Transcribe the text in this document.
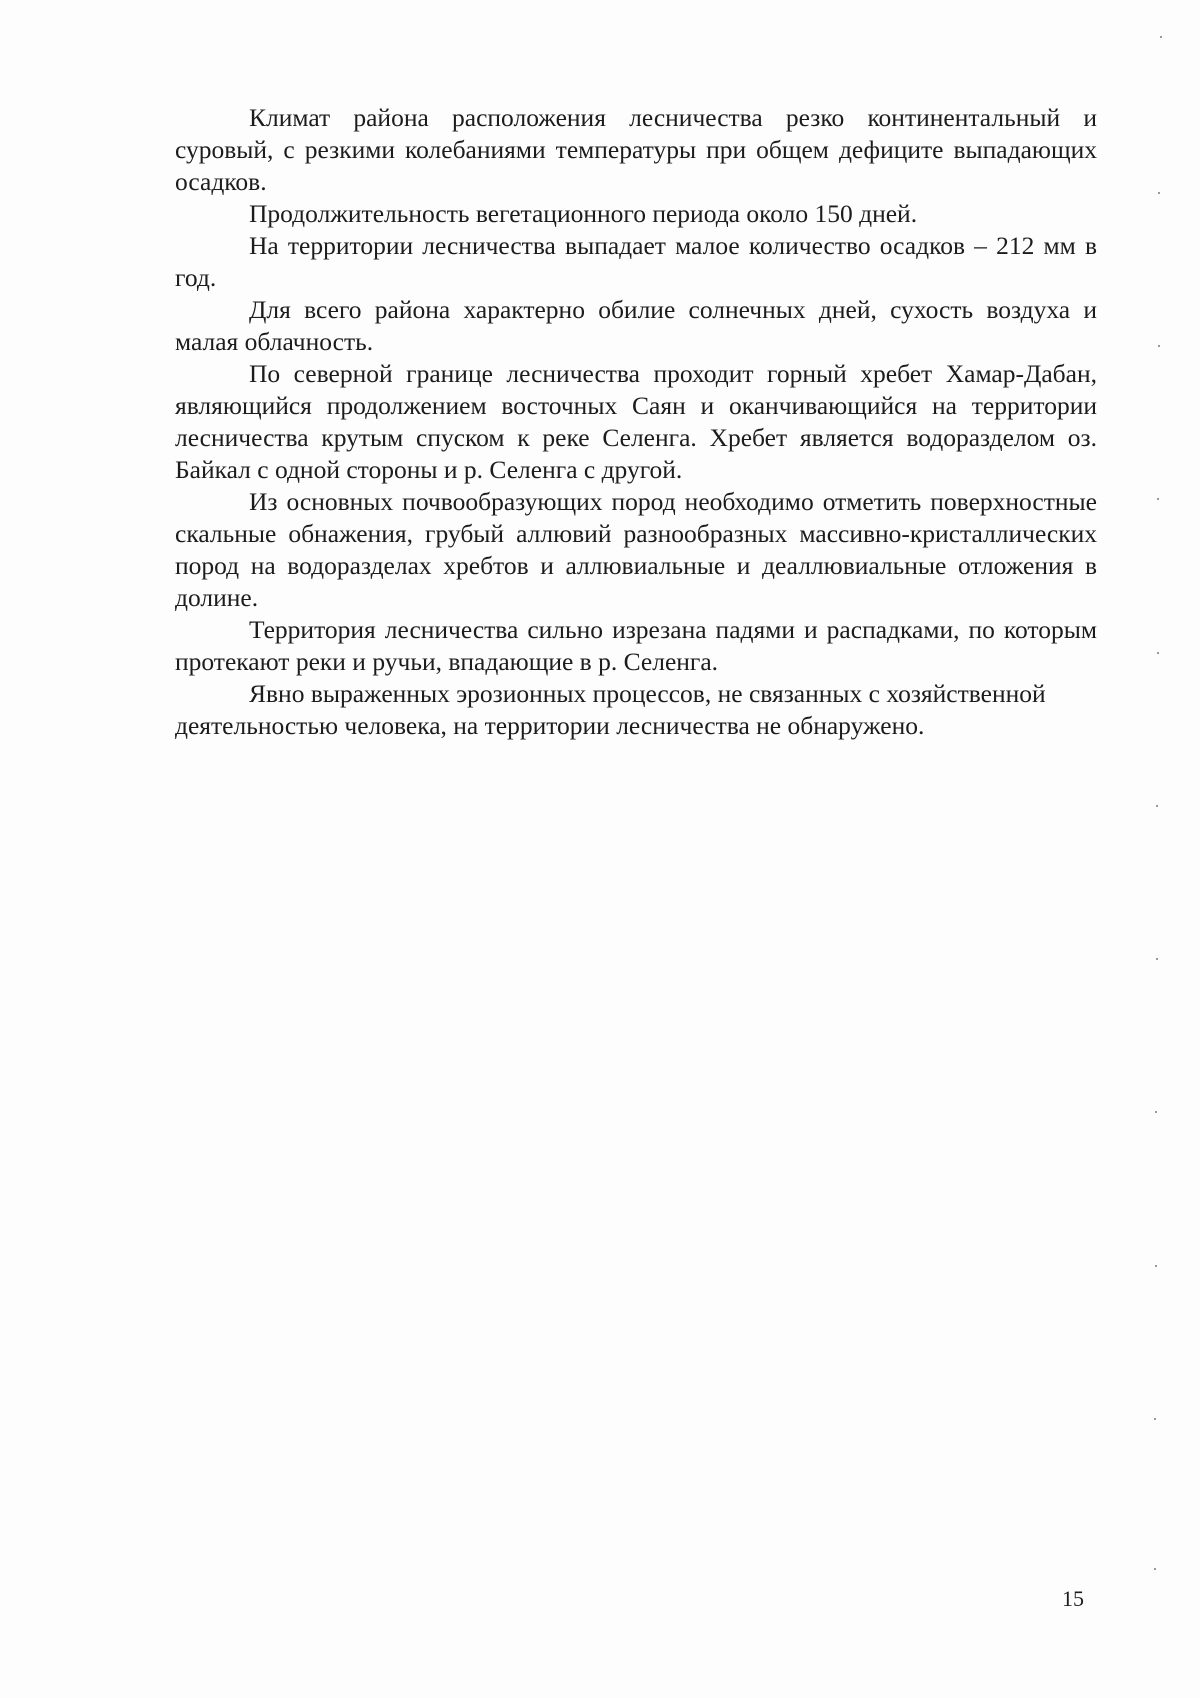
Климат района расположения лесничества резко континентальный и суровый, с резкими колебаниями температуры при общем дефиците выпадающих осадков.

Продолжительность вегетационного периода около 150 дней.

На территории лесничества выпадает малое количество осадков – 212 мм в год.

Для всего района характерно обилие солнечных дней, сухость воздуха и малая облачность.

По северной границе лесничества проходит горный хребет Хамар-Дабан, являющийся продолжением восточных Саян и оканчивающийся на территории лесничества крутым спуском к реке Селенга. Хребет является водоразделом оз. Байкал с одной стороны и р. Селенга с другой.

Из основных почвообразующих пород необходимо отметить поверхностные скальные обнажения, грубый аллювий разнообразных массивно-кристаллических пород на водоразделах хребтов и аллювиальные и деаллювиальные отложения в долине.

Территория лесничества сильно изрезана падями и распадками, по которым протекают реки и ручьи, впадающие в р. Селенга.

Явно выраженных эрозионных процессов, не связанных с хозяйственной деятельностью человека, на территории лесничества не обнаружено.

15
